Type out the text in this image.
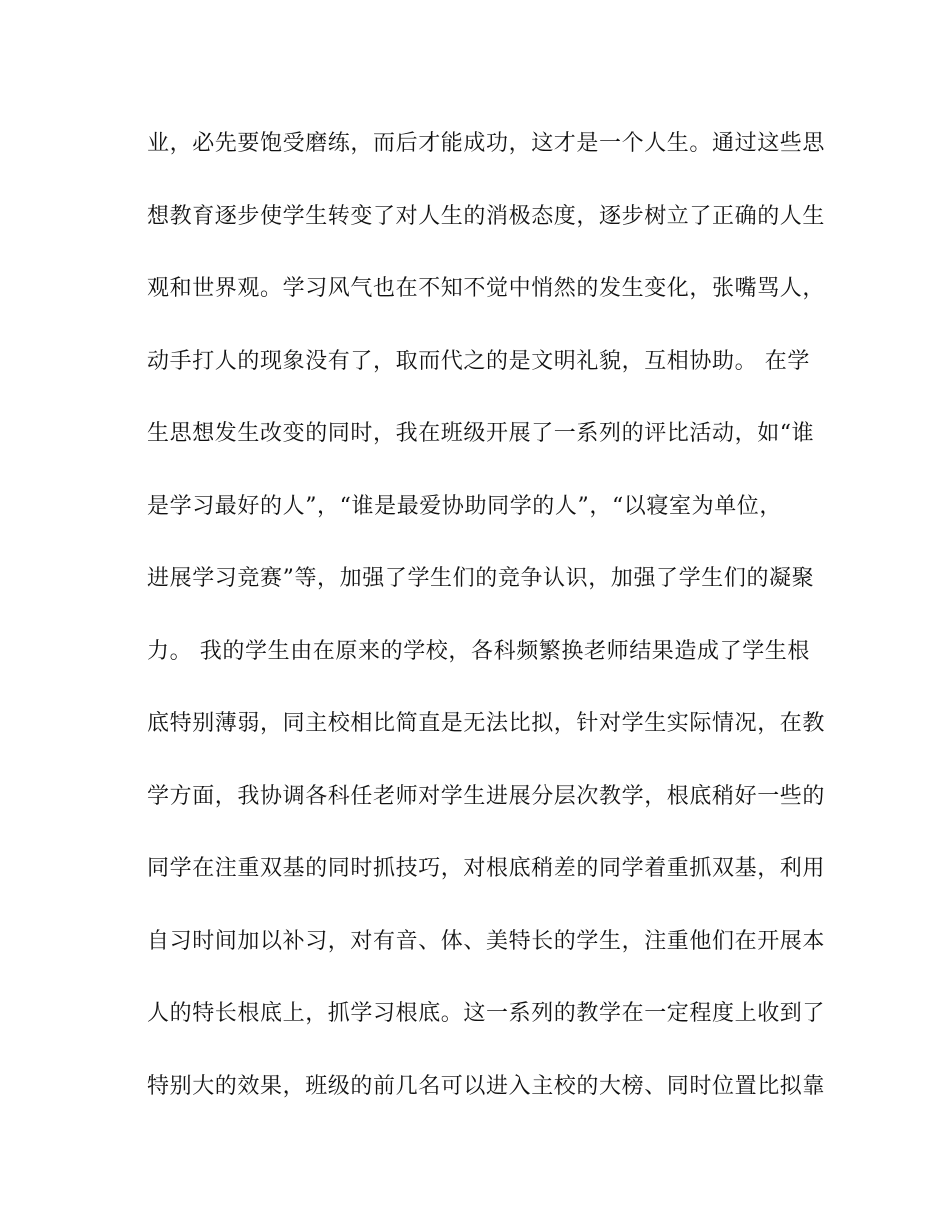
业，必先要饱受磨练，而后才能成功，这才是一个人生。通过这些思
想教育逐步使学生转变了对人生的消极态度，逐步树立了正确的人生
观和世界观。学习风气也在不知不觉中悄然的发生变化，张嘴骂人，
动手打人的现象没有了，取而代之的是文明礼貌，互相协助。 在学
生思想发生改变的同时，我在班级开展了一系列的评比活动，如“谁
是学习最好的人”，“谁是最爱协助同学的人”，“以寝室为单位，
进展学习竞赛”等，加强了学生们的竞争认识，加强了学生们的凝聚
力。 我的学生由在原来的学校，各科频繁换老师结果造成了学生根
底特别薄弱，同主校相比简直是无法比拟，针对学生实际情况，在教
学方面，我协调各科任老师对学生进展分层次教学，根底稍好一些的
同学在注重双基的同时抓技巧，对根底稍差的同学着重抓双基，利用
自习时间加以补习，对有音、体、美特长的学生，注重他们在开展本
人的特长根底上，抓学习根底。这一系列的教学在一定程度上收到了
特别大的效果，班级的前几名可以进入主校的大榜、同时位置比拟靠
